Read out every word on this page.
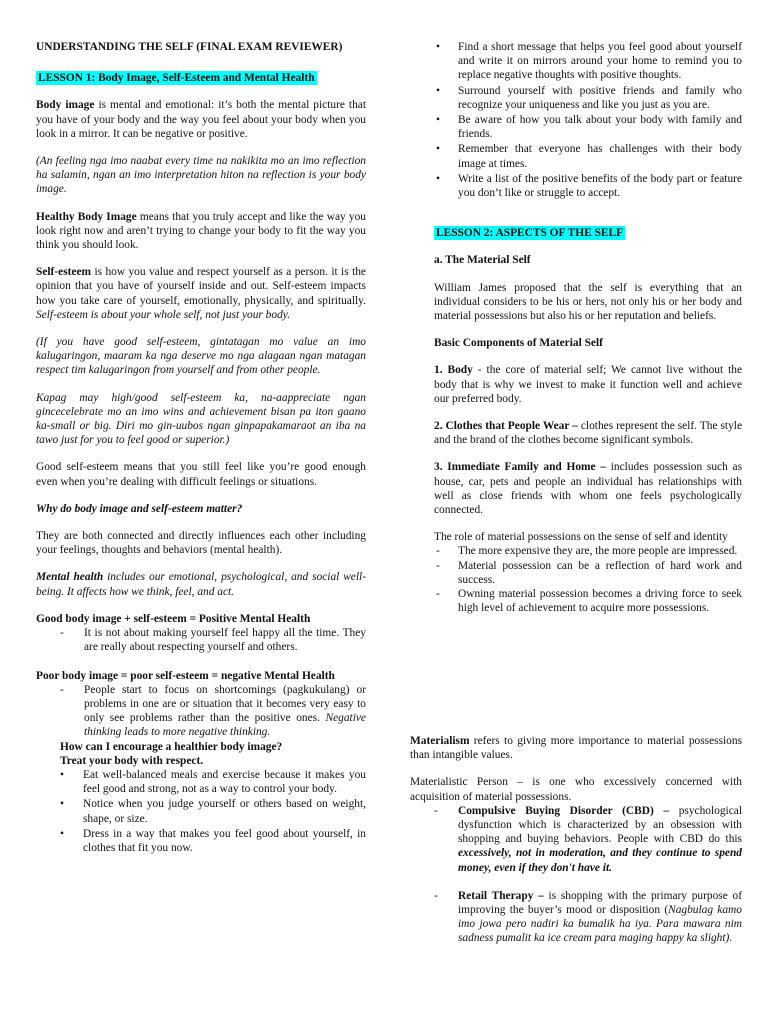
UNDERSTANDING THE SELF (FINAL EXAM REVIEWER)

LESSON 1: Body Image, Self-Esteem and Mental Health

Body image is mental and emotional: it’s both the mental picture that you have of your body and the way you feel about your body when you look in a mirror. It can be negative or positive.

(An feeling nga imo naabat every time na nakikita mo an imo reflection ha salamin, ngan an imo interpretation hiton na reflection is your body image.

Healthy Body Image means that you truly accept and like the way you look right now and aren’t trying to change your body to fit the way you think you should look.

Self-esteem is how you value and respect yourself as a person. it is the opinion that you have of yourself inside and out. Self-esteem impacts how you take care of yourself, emotionally, physically, and spiritually. Self-esteem is about your whole self, not just your body.

(If you have good self-esteem, gintatagan mo value an imo kalugaringon, maaram ka nga deserve mo nga alagaan ngan matagan respect tim kalugaringon from yourself and from other people.

Kapag may high/good self-esteem ka, na-aappreciate ngan gincecelebrate mo an imo wins and achievement bisan pa iton gaano ka-small or big. Diri mo gin-uubos ngan ginpapakamaraot an iba na tawo just for you to feel good or superior.)

Good self-esteem means that you still feel like you’re good enough even when you’re dealing with difficult feelings or situations.

Why do body image and self-esteem matter?

They are both connected and directly influences each other including your feelings, thoughts and behaviors (mental health).

Mental health includes our emotional, psychological, and social well-being. It affects how we think, feel, and act.

Good body image + self-esteem = Positive Mental Health

- It is not about making yourself feel happy all the time. They are really about respecting yourself and others.

Poor body image = poor self-esteem = negative Mental Health

- People start to focus on shortcomings (pagkukulang) or problems in one are or situation that it becomes very easy to only see problems rather than the positive ones. Negative thinking leads to more negative thinking.
How can I encourage a healthier body image?
Treat your body with respect.
• Eat well-balanced meals and exercise because it makes you feel good and strong, not as a way to control your body.
• Notice when you judge yourself or others based on weight, shape, or size.
• Dress in a way that makes you feel good about yourself, in clothes that fit you now.
• Find a short message that helps you feel good about yourself and write it on mirrors around your home to remind you to replace negative thoughts with positive thoughts.
• Surround yourself with positive friends and family who recognize your uniqueness and like you just as you are.
• Be aware of how you talk about your body with family and friends.
• Remember that everyone has challenges with their body image at times.
• Write a list of the positive benefits of the body part or feature you don’t like or struggle to accept.

LESSON 2: ASPECTS OF THE SELF

a. The Material Self

William James proposed that the self is everything that an individual considers to be his or hers, not only his or her body and material possessions but also his or her reputation and beliefs.

Basic Components of Material Self

1. Body - the core of material self; We cannot live without the body that is why we invest to make it function well and achieve our preferred body.

2. Clothes that People Wear – clothes represent the self. The style and the brand of the clothes become significant symbols.

3. Immediate Family and Home – includes possession such as house, car, pets and people an individual has relationships with well as close friends with whom one feels psychologically connected.

The role of material possessions on the sense of self and identity

- The more expensive they are, the more people are impressed.
- Material possession can be a reflection of hard work and success.
- Owning material possession becomes a driving force to seek high level of achievement to acquire more possessions.

Materialism refers to giving more importance to material possessions than intangible values.

Materialistic Person – is one who excessively concerned with acquisition of material possessions.

- Compulsive Buying Disorder (CBD) – psychological dysfunction which is characterized by an obsession with shopping and buying behaviors. People with CBD do this excessively, not in moderation, and they continue to spend money, even if they don't have it.
- Retail Therapy – is shopping with the primary purpose of improving the buyer’s mood or disposition (Nagbulag kamo imo jowa pero nadiri ka bumalik ha iya. Para mawara nim sadness pumalit ka ice cream para maging happy ka slight).
